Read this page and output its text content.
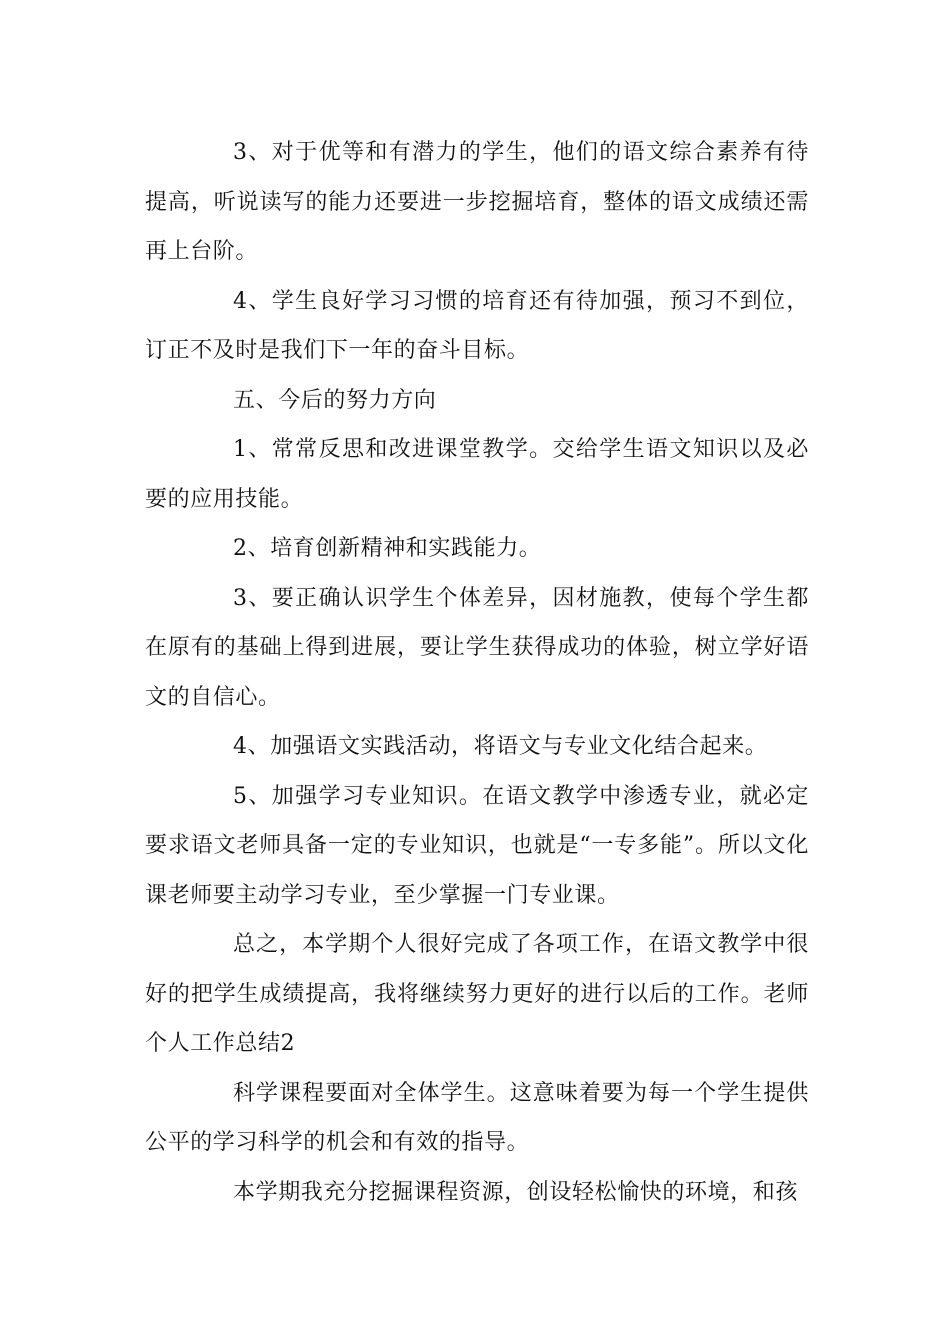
3、对于优等和有潜力的学生，他们的语文综合素养有待提高，听说读写的能力还要进一步挖掘培育，整体的语文成绩还需再上台阶。

4、学生良好学习习惯的培育还有待加强，预习不到位，订正不及时是我们下一年的奋斗目标。

五、今后的努力方向

1、常常反思和改进课堂教学。交给学生语文知识以及必要的应用技能。

2、培育创新精神和实践能力。

3、要正确认识学生个体差异，因材施教，使每个学生都在原有的基础上得到进展，要让学生获得成功的体验，树立学好语文的自信心。

4、加强语文实践活动，将语文与专业文化结合起来。

5、加强学习专业知识。在语文教学中渗透专业，就必定要求语文老师具备一定的专业知识，也就是“一专多能”。所以文化课老师要主动学习专业，至少掌握一门专业课。

总之，本学期个人很好完成了各项工作，在语文教学中很好的把学生成绩提高，我将继续努力更好的进行以后的工作。老师个人工作总结2

科学课程要面对全体学生。这意味着要为每一个学生提供公平的学习科学的机会和有效的指导。

本学期我充分挖掘课程资源，创设轻松愉快的环境，和孩
